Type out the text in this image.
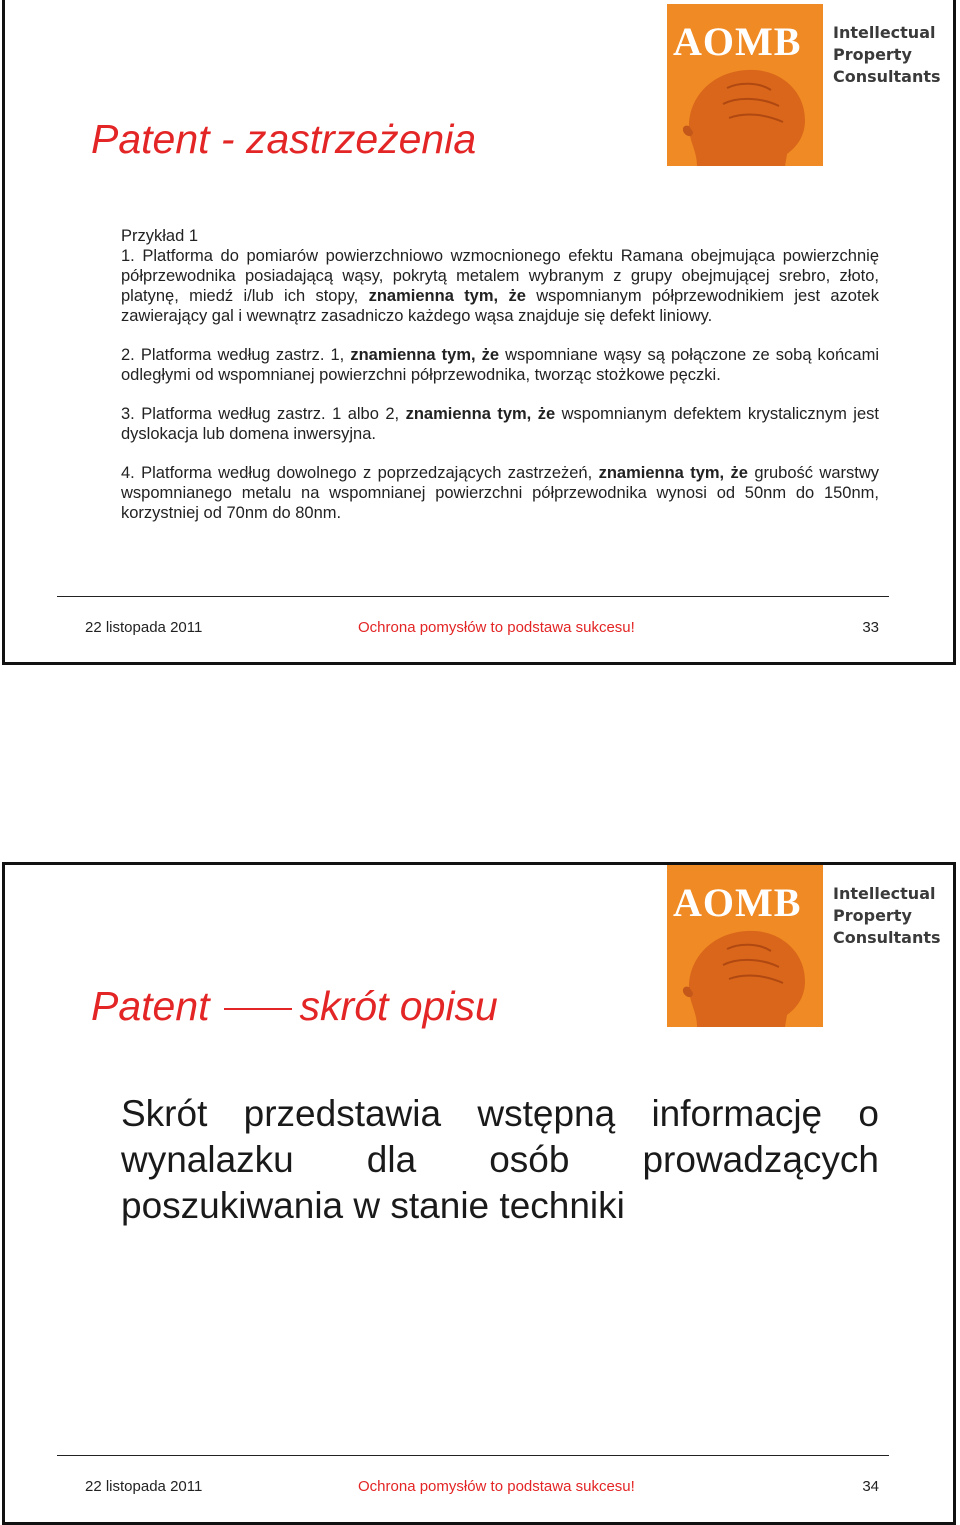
AOMB Intellectual
Property
Consultants
Patent - zastrzeżenia
Przykład 1
1. Platforma do pomiarów powierzchniowo wzmocnionego efektu Ramana obejmująca powierzchnię półprzewodnika posiadającą wąsy, pokrytą metalem wybranym z grupy obejmującej srebro, złoto, platynę, miedź i/lub ich stopy, znamienna tym, że wspomnianym półprzewodnikiem jest azotek zawierający gal i wewnątrz zasadniczo każdego wąsa znajduje się defekt liniowy.
2. Platforma według zastrz. 1, znamienna tym, że wspomniane wąsy są połączone ze sobą końcami odległymi od wspomnianej powierzchni półprzewodnika, tworząc stożkowe pęczki.
3. Platforma według zastrz. 1 albo 2, znamienna tym, że wspomnianym defektem krystalicznym jest dyslokacja lub domena inwersyjna.
4. Platforma według dowolnego z poprzedzających zastrzeżeń, znamienna tym, że grubość warstwy wspomnianego metalu na wspomnianej powierzchni półprzewodnika wynosi od 50nm do 150nm, korzystniej od 70nm do 80nm.
22 listopada 2011	Ochrona pomysłów to podstawa sukcesu!	33
AOMB Intellectual
Property
Consultants
Patent skrót opisu
Skrót przedstawia wstępną informację o wynalazku dla osób prowadzących poszukiwania w stanie techniki
22 listopada 2011	Ochrona pomysłów to podstawa sukcesu!	34
